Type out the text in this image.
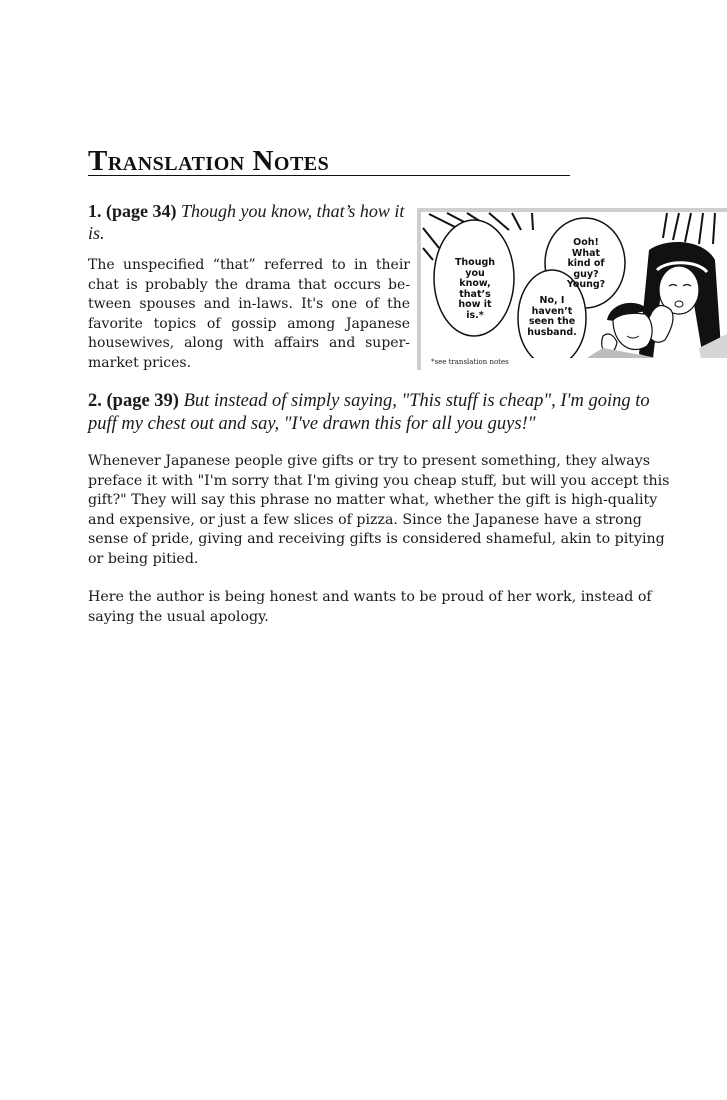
Translation Notes

1. (page 34) Though you know, that’s how it is.

The unspecified “that” referred to in their chat is probably the drama that occurs be-tween spouses and in-laws. It's one of the favorite topics of gossip among Japanese housewives, along with affairs and super-market prices.

Though you know, that’s how it is.*
Ooh! What kind of guy? Young?
No, I haven’t seen the husband.
*see translation notes

2. (page 39) But instead of simply saying, "This stuff is cheap", I'm going to puff my chest out and say, "I've drawn this for all you guys!"

Whenever Japanese people give gifts or try to present something, they always preface it with "I'm sorry that I'm giving you cheap stuff, but will you accept this gift?" They will say this phrase no matter what, whether the gift is high-quality and expensive, or just a few slices of pizza. Since the Japanese have a strong sense of pride, giving and receiving gifts is considered shameful, akin to pitying or being pitied.

Here the author is being honest and wants to be proud of her work, instead of saying the usual apology.
